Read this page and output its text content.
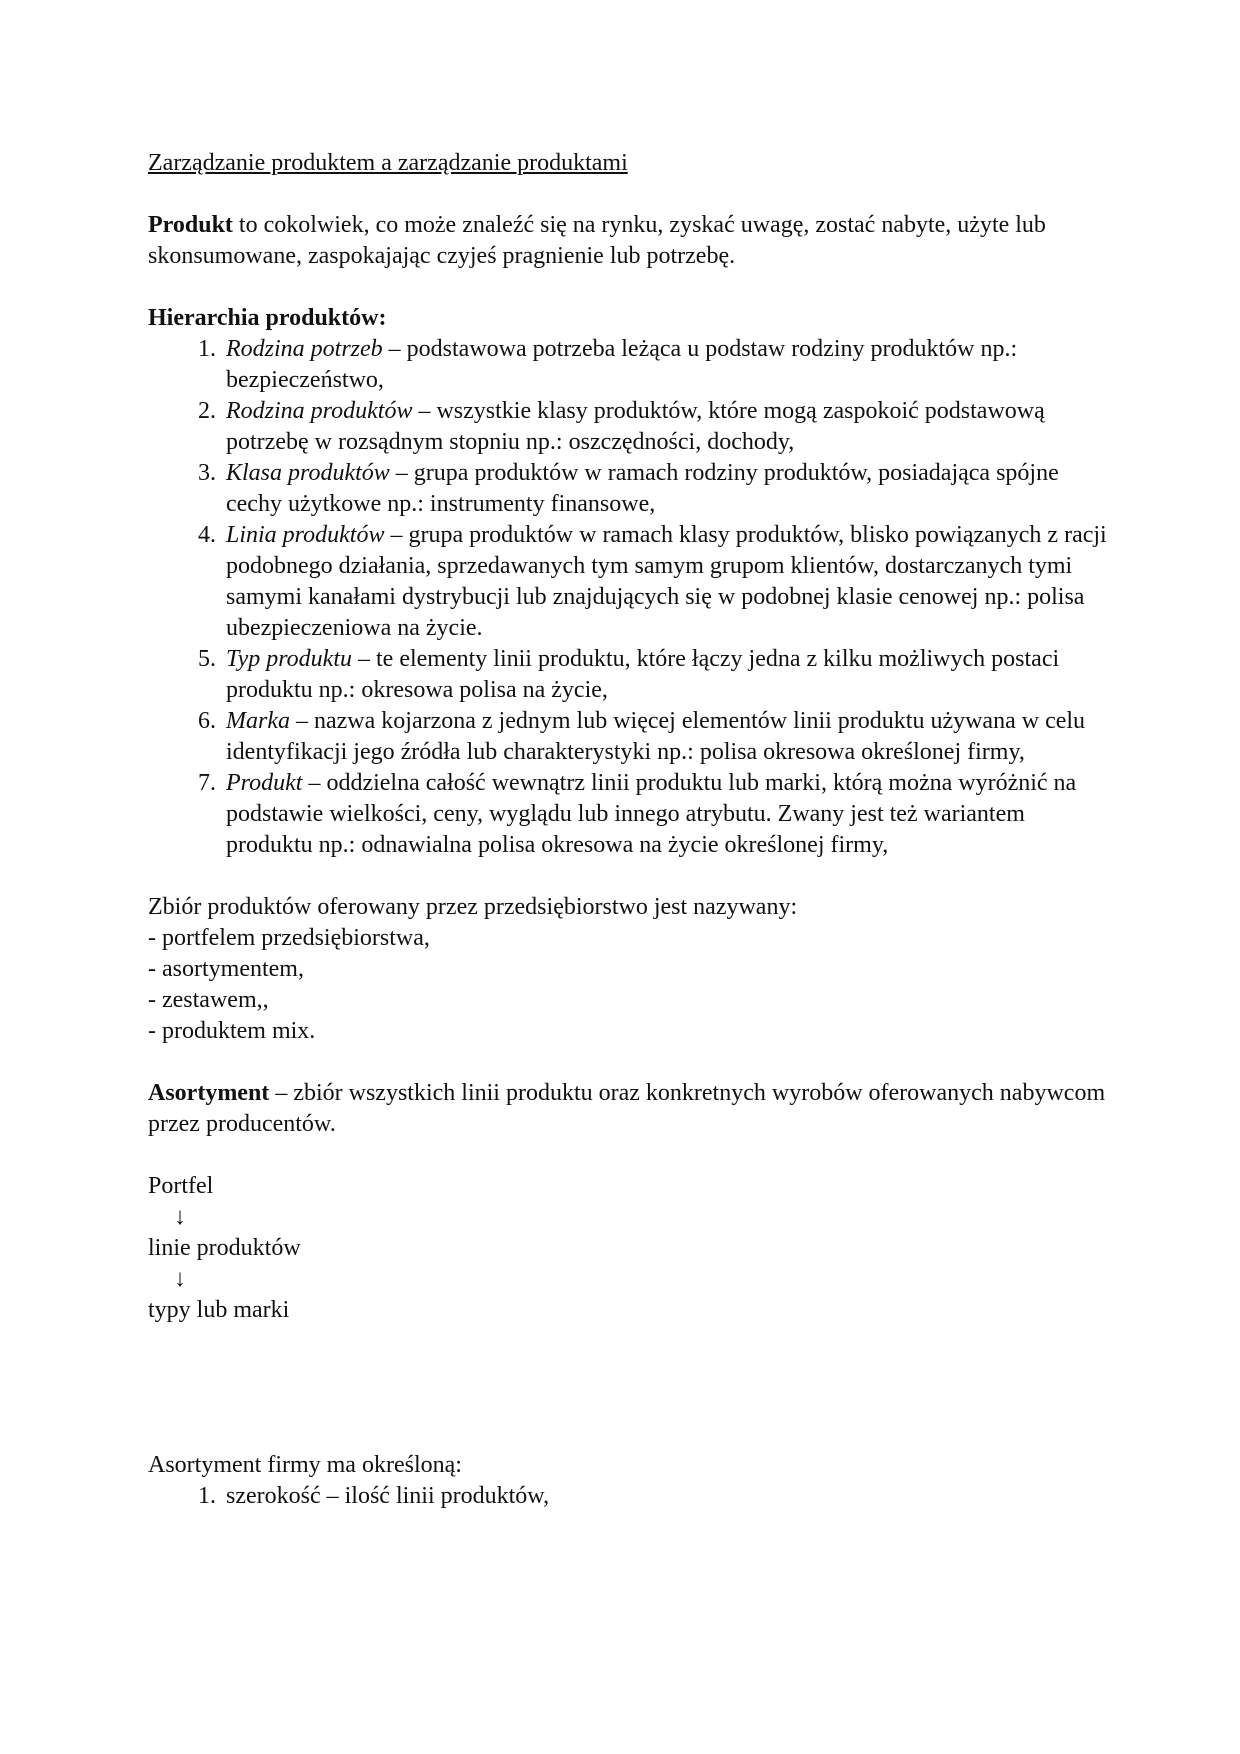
Zarządzanie produktem a zarządzanie produktami

Produkt to cokolwiek, co może znaleźć się na rynku, zyskać uwagę, zostać nabyte, użyte lub skonsumowane, zaspokajając czyjeś pragnienie lub potrzebę.

Hierarchia produktów:

1. Rodzina potrzeb – podstawowa potrzeba leżąca u podstaw rodziny produktów np.: bezpieczeństwo,
2. Rodzina produktów – wszystkie klasy produktów, które mogą zaspokoić podstawową potrzebę w rozsądnym stopniu np.: oszczędności, dochody,
3. Klasa produktów – grupa produktów w ramach rodziny produktów, posiadająca spójne cechy użytkowe np.: instrumenty finansowe,
4. Linia produktów – grupa produktów w ramach klasy produktów, blisko powiązanych z racji podobnego działania, sprzedawanych tym samym grupom klientów, dostarczanych tymi samymi kanałami dystrybucji lub znajdujących się w podobnej klasie cenowej np.: polisa ubezpieczeniowa na życie.
5. Typ produktu – te elementy linii produktu, które łączy jedna z kilku możliwych postaci produktu np.: okresowa polisa na życie,
6. Marka – nazwa kojarzona z jednym lub więcej elementów linii produktu używana w celu identyfikacji jego źródła lub charakterystyki np.: polisa okresowa określonej firmy,
7. Produkt – oddzielna całość wewnątrz linii produktu lub marki, którą można wyróżnić na podstawie wielkości, ceny, wyglądu lub innego atrybutu. Zwany jest też wariantem produktu np.: odnawialna polisa okresowa na życie określonej firmy,

Zbiór produktów oferowany przez przedsiębiorstwo jest nazywany:

- portfelem przedsiębiorstwa,

- asortymentem,

- zestawem,,

- produktem mix.

Asortyment – zbiór wszystkich linii produktu oraz konkretnych wyrobów oferowanych nabywcom przez producentów.

Portfel

↓

linie produktów

↓

typy lub marki

Asortyment firmy ma określoną:

1. szerokość – ilość linii produktów,
